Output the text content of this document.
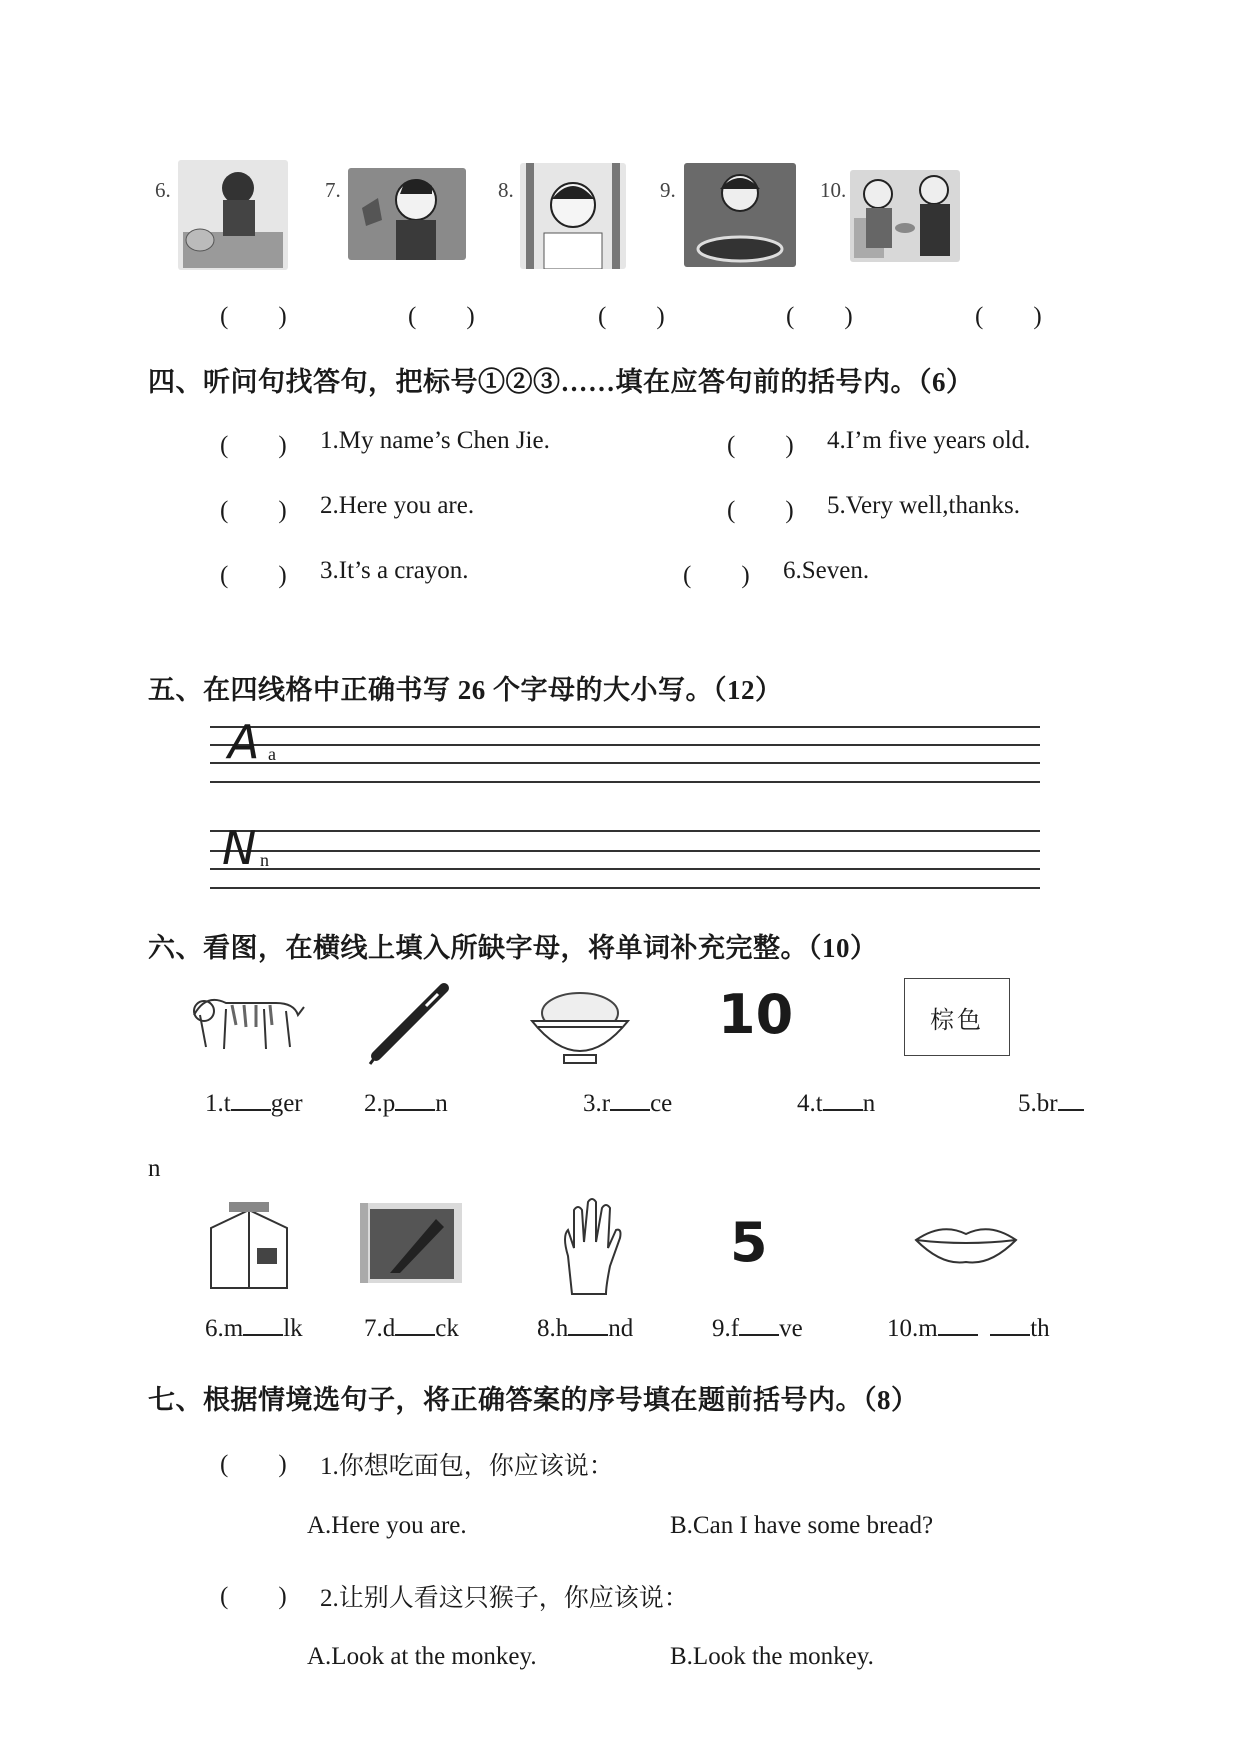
6.	7.	8.	9.	10.
(　　)	(　　)	(　　)	(　　)	(　　)
四、听问句找答句，把标号①②③……填在应答句前的括号内。（6）
(　　) 1.My name’s Chen Jie.	(　　) 4.I’m five years old.
(　　) 2.Here you are.	(　　) 5.Very well,thanks.
(　　) 3.It’s a crayon.	(　　) 6.Seven.
五、在四线格中正确书写 26 个字母的大小写。（12）
A a
N n
六、看图，在横线上填入所缺字母，将单词补充完整。（10）
10	棕色
1.t ger 2.p n	3.r ce	4.t n	5.br
n
5
6.m lk 7.d ck	8.h nd	9.f ve	10.m	th
七、根据情境选句子，将正确答案的序号填在题前括号内。（8）
(　　) 1.你想吃面包，你应该说：
A.Here you are.	B.Can I have some bread?
(　　) 2.让别人看这只猴子，你应该说：
A.Look at the monkey.	B.Look the monkey.
